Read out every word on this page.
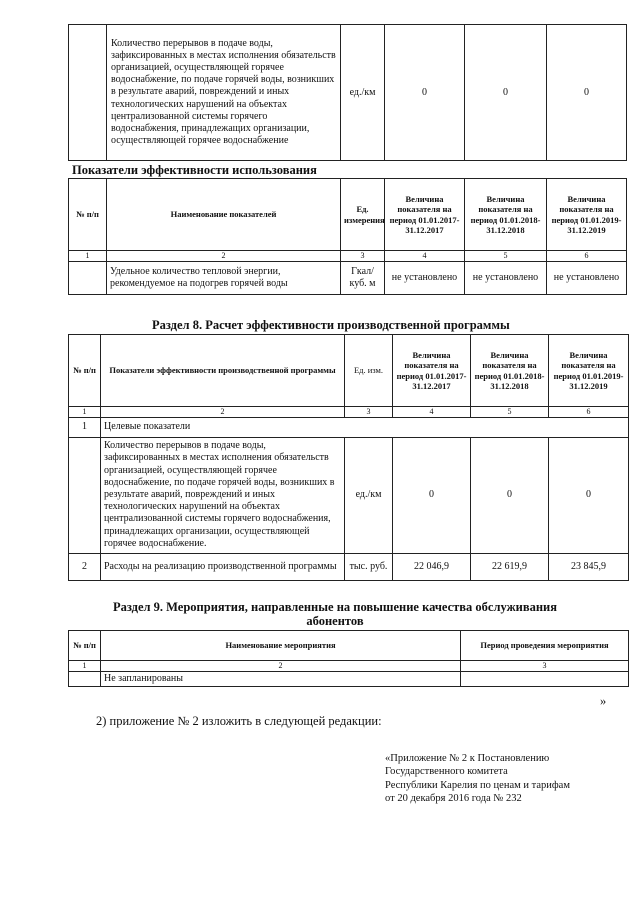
	Количество перерывов в подаче воды, зафиксированных в местах исполнения обязательств организацией, осуществляющей горячее водоснабжение, по подаче горячей воды, возникших в результате аварий, повреждений и иных технологических нарушений на объектах централизованной системы горячего водоснабжения, принадлежащих организации, осуществляющей горячее водоснабжение	ед./км	0	0	0
Показатели эффективности использования
№ п/п	Наименование показателей	Ед. измерения	Величина показателя на период 01.01.2017-31.12.2017	Величина показателя на период 01.01.2018-31.12.2018	Величина показателя на период 01.01.2019-31.12.2019
1	2	3	4	5	6
	Удельное количество тепловой энергии, рекомендуемое на подогрев горячей воды	Гкал/куб. м	не установлено	не установлено	не установлено
Раздел 8. Расчет эффективности производственной программы
№ п/п	Показатели эффективности производственной программы	Ед. изм.	Величина показателя на период 01.01.2017-31.12.2017	Величина показателя на период 01.01.2018-31.12.2018	Величина показателя на период 01.01.2019-31.12.2019
1	2	3	4	5	6
1	Целевые показатели				
	Количество перерывов в подаче воды, зафиксированных в местах исполнения обязательств организацией, осуществляющей горячее водоснабжение, по подаче горячей воды, возникших в результате аварий, повреждений и иных технологических нарушений на объектах централизованной системы горячего водоснабжения, принадлежащих организации, осуществляющей горячее водоснабжение.	ед./км	0	0	0
2	Расходы на реализацию производственной программы	тыс. руб.	22 046,9	22 619,9	23 845,9
Раздел 9. Мероприятия, направленные на повышение качества обслуживания абонентов
№ п/п	Наименование мероприятия	Период проведения мероприятия
1	2	3
	Не запланированы	
»
2) приложение № 2 изложить в следующей редакции:
«Приложение № 2 к Постановлению
Государственного комитета
Республики Карелия по ценам и тарифам
от 20 декабря 2016 года № 232
